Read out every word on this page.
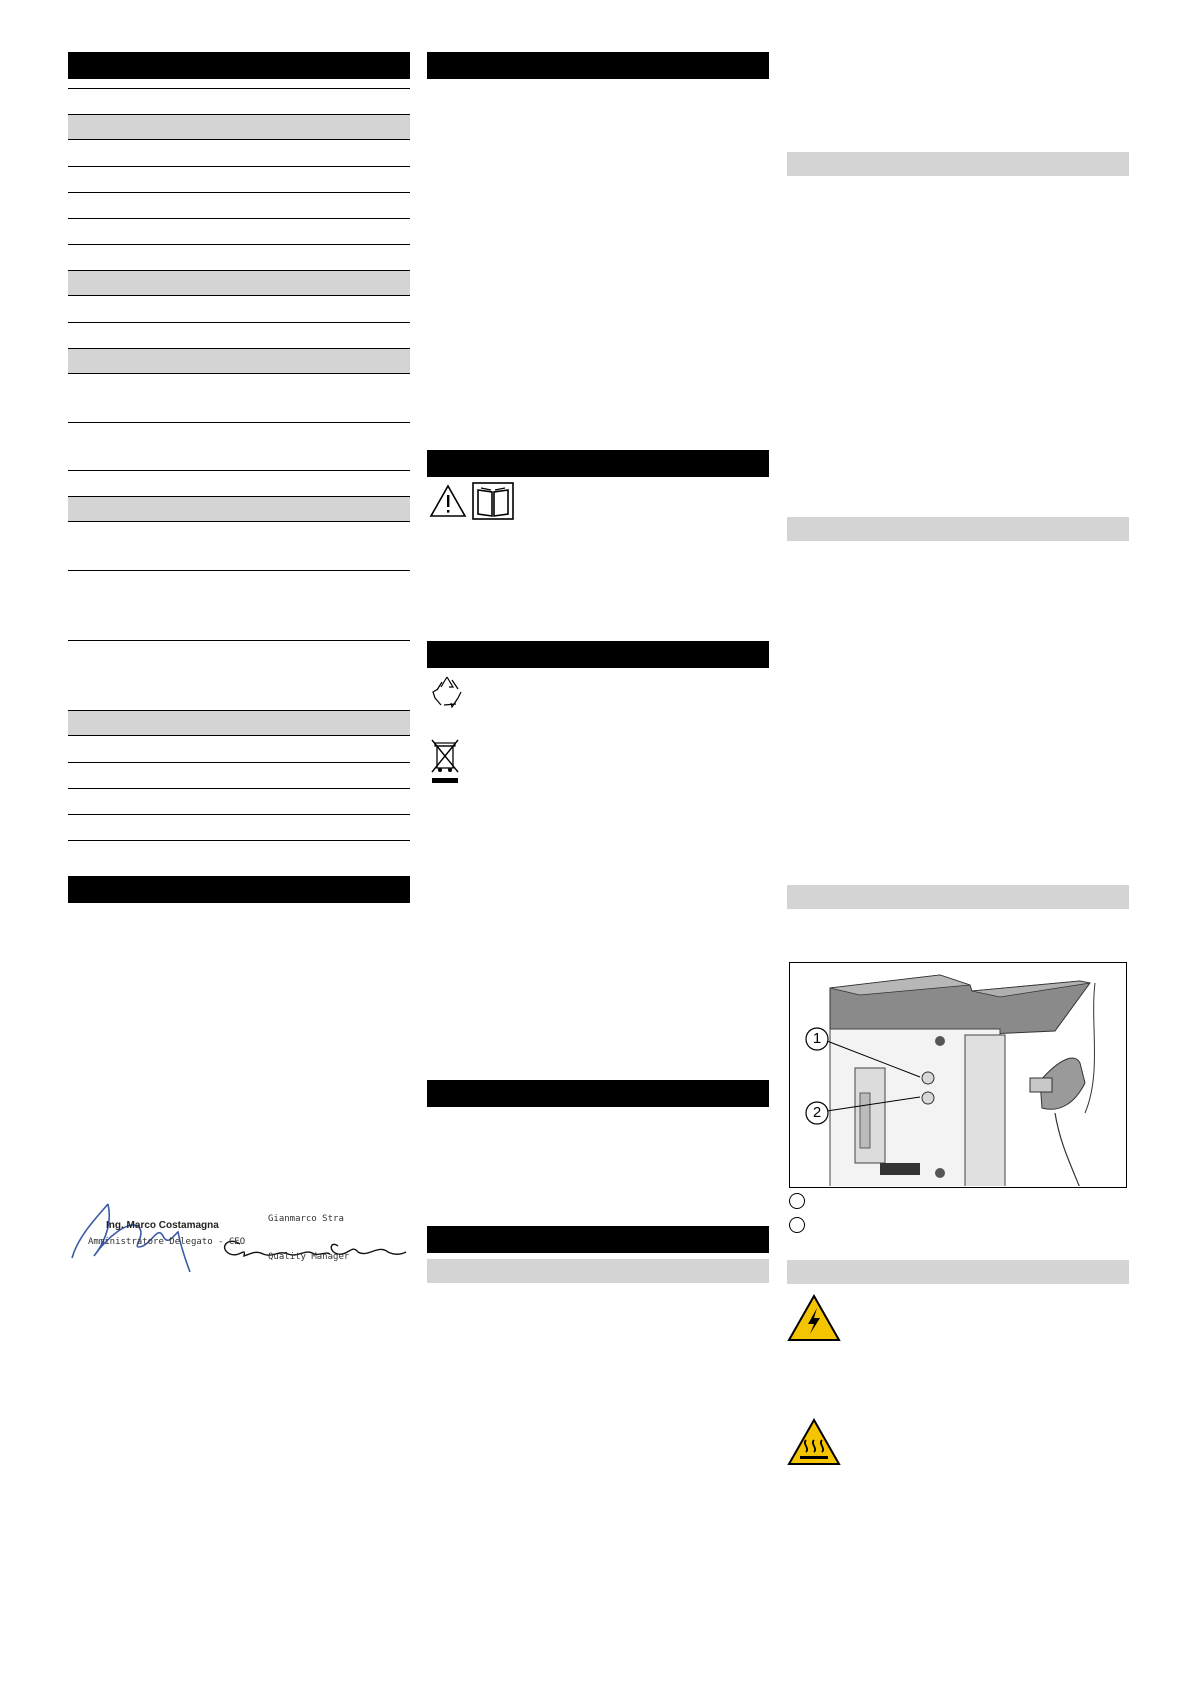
Ing. Marco Costamagna
Amministratore Delegato - CEO
Gianmarco Stra
Quality Manager
1
2
